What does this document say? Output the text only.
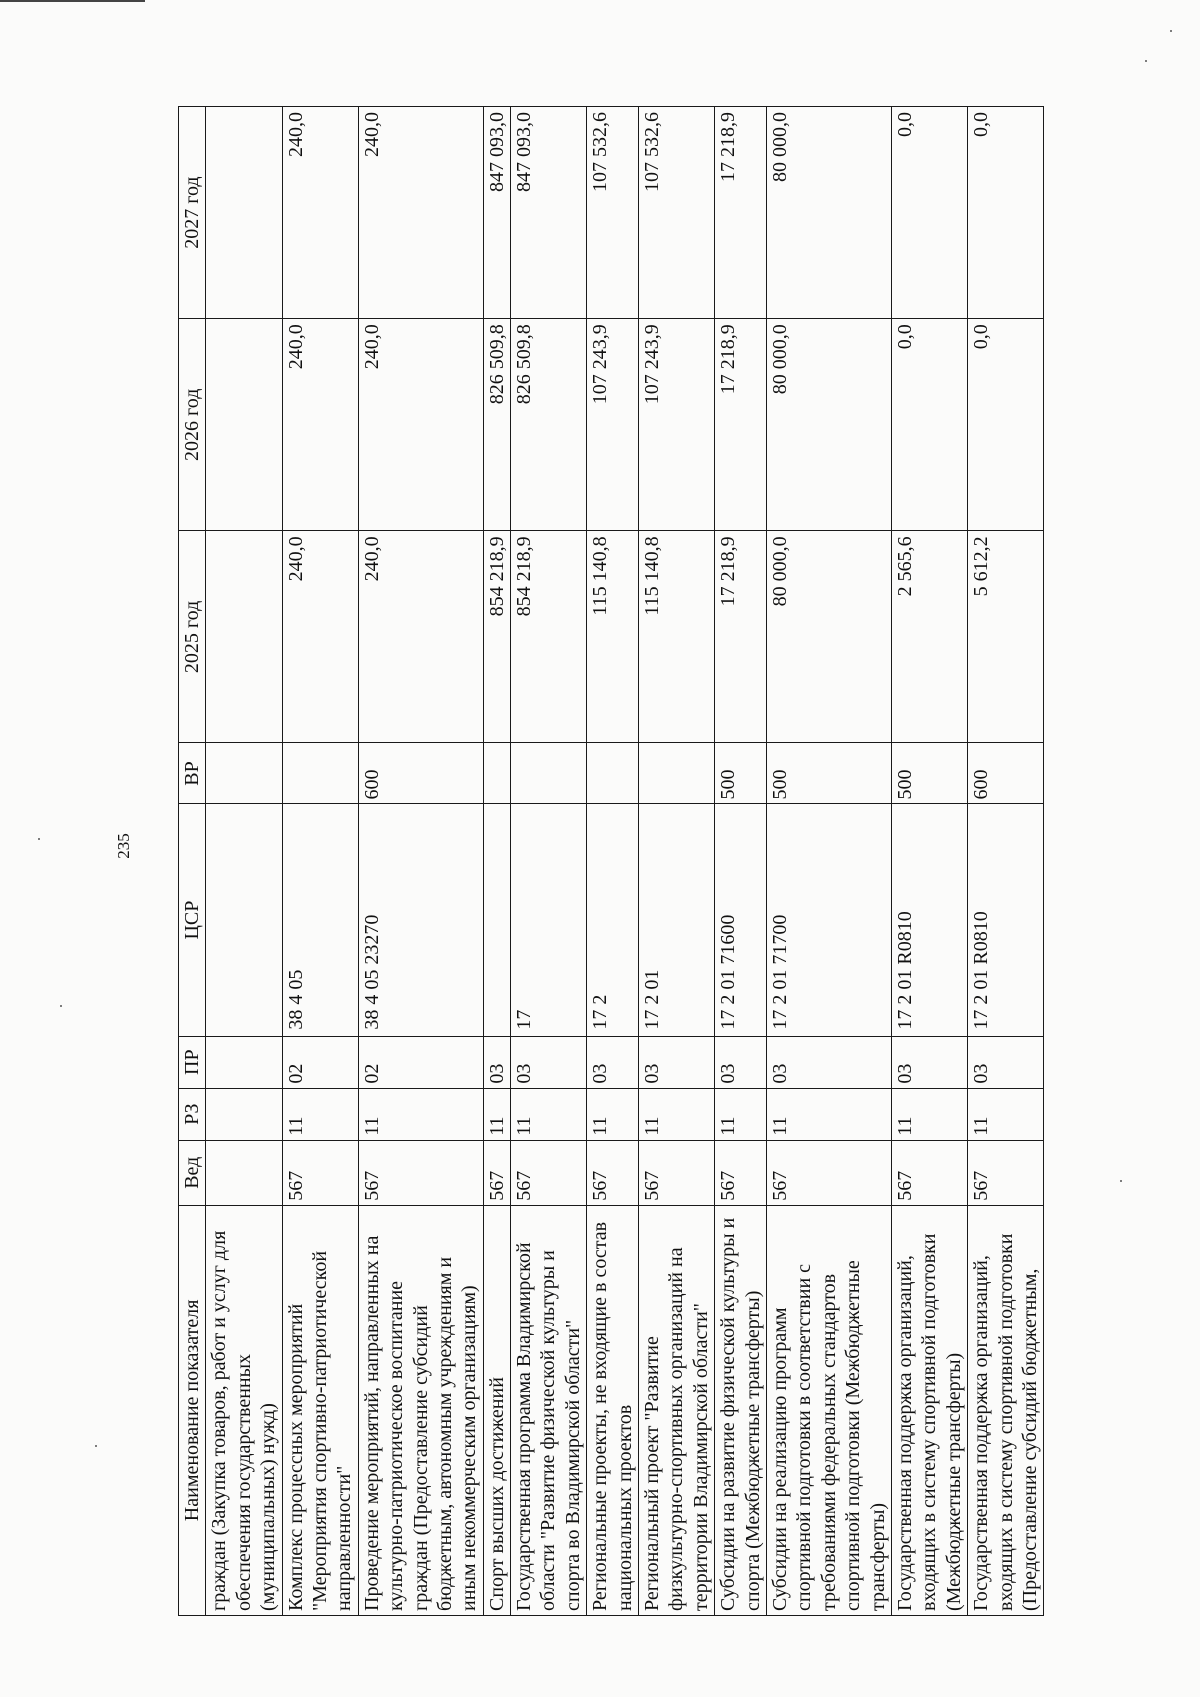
235
Наименование показателя	Вед	РЗ	ПР	ЦСР	ВР	2025 год	2026 год	2027 год
граждан (Закупка товаров, работ и услуг для обеспечения государственных (муниципальных) нужд)								
Комплекс процессных мероприятий "Мероприятия спортивно-патриотической направленности"	567	11	02	38 4 05		240,0	240,0	240,0
Проведение мероприятий, направленных на культурно-патриотическое воспитание граждан (Предоставление субсидий бюджетным, автономным учреждениям и иным некоммерческим организациям)	567	11	02	38 4 05 23270	600	240,0	240,0	240,0
Спорт высших достижений	567	11	03			854 218,9	826 509,8	847 093,0
Государственная программа Владимирской области "Развитие физической культуры и спорта во Владимирской области"	567	11	03	17		854 218,9	826 509,8	847 093,0
Региональные проекты, не входящие в состав национальных проектов	567	11	03	17 2		115 140,8	107 243,9	107 532,6
Региональный проект "Развитие физкультурно-спортивных организаций на территории Владимирской области"	567	11	03	17 2 01		115 140,8	107 243,9	107 532,6
Субсидии на развитие физической культуры и спорта (Межбюджетные трансферты)	567	11	03	17 2 01 71600	500	17 218,9	17 218,9	17 218,9
Субсидии на реализацию программ спортивной подготовки в соответствии с требованиями федеральных стандартов спортивной подготовки (Межбюджетные трансферты)	567	11	03	17 2 01 71700	500	80 000,0	80 000,0	80 000,0
Государственная поддержка организаций, входящих в систему спортивной подготовки (Межбюджетные трансферты)	567	11	03	17 2 01 R0810	500	2 565,6	0,0	0,0
Государственная поддержка организаций, входящих в систему спортивной подготовки (Предоставление субсидий бюджетным,	567	11	03	17 2 01 R0810	600	5 612,2	0,0	0,0
